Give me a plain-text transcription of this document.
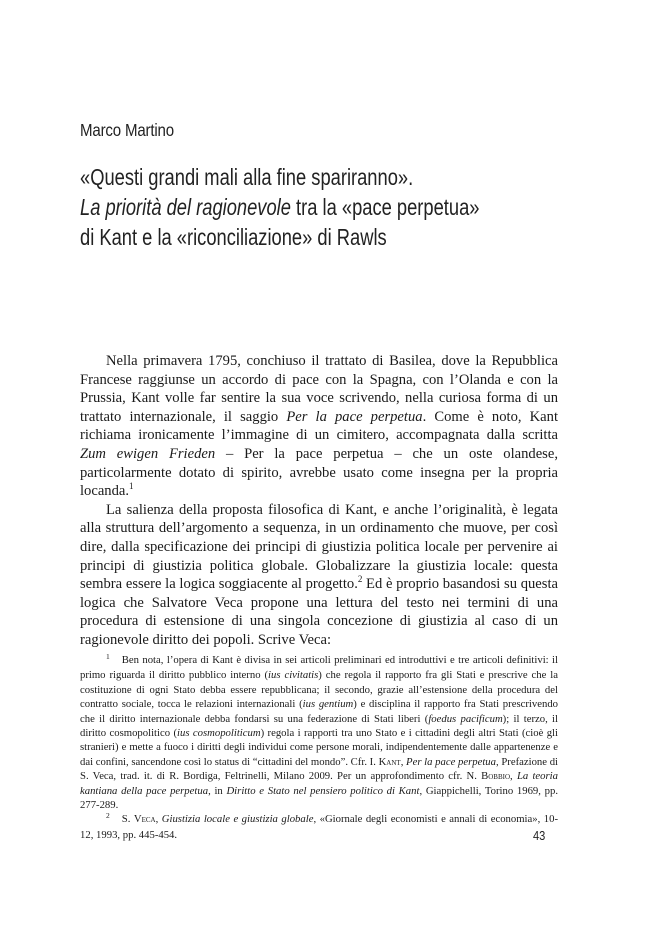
Marco Martino
«Questi grandi mali alla fine spariranno».
La priorità del ragionevole tra la «pace perpetua»
di Kant e la «riconciliazione» di Rawls

Nella primavera 1795, conchiuso il trattato di Basilea, dove la Repubblica Francese raggiunse un accordo di pace con la Spagna, con l’Olanda e con la Prussia, Kant volle far sentire la sua voce scrivendo, nella curiosa forma di un trattato internazionale, il saggio Per la pace perpetua. Come è noto, Kant richiama ironicamente l’immagine di un cimitero, accompagnata dalla scritta Zum ewigen Frieden – Per la pace perpetua – che un oste olandese, particolarmente dotato di spirito, avrebbe usato come insegna per la propria locanda.$^1$

La salienza della proposta filosofica di Kant, e anche l’originalità, è legata alla struttura dell’argomento a sequenza, in un ordinamento che muove, per così dire, dalla specificazione dei principi di giustizia politica locale per pervenire ai principi di giustizia politica globale. Globalizzare la giustizia locale: questa sembra essere la logica soggiacente al progetto.$^2$ Ed è proprio basandosi su questa logica che Salvatore Veca propone una lettura del testo nei termini di una procedura di estensione di una singola concezione di giustizia al caso di un ragionevole diritto dei popoli. Scrive Veca:

$^1$ Ben nota, l’opera di Kant è divisa in sei articoli preliminari ed introduttivi e tre articoli definitivi: il primo riguarda il diritto pubblico interno (ius civitatis) che regola il rapporto fra gli Stati e prescrive che la costituzione di ogni Stato debba essere repubblicana; il secondo, grazie all’estensione della procedura del contratto sociale, tocca le relazioni internazionali (ius gentium) e disciplina il rapporto fra Stati prescrivendo che il diritto internazionale debba fondarsi su una federazione di Stati liberi (foedus pacificum); il terzo, il diritto cosmopolitico (ius cosmopoliticum) regola i rapporti tra uno Stato e i cittadini degli altri Stati (cioè gli stranieri) e mette a fuoco i diritti degli individui come persone morali, indipendentemente dalle appartenenze e dai confini, sancendone così lo status di “cittadini del mondo”. Cfr. I. Kant, Per la pace perpetua, Prefazione di S. Veca, trad. it. di R. Bordiga, Feltrinelli, Milano 2009. Per un approfondimento cfr. N. Bobbio, La teoria kantiana della pace perpetua, in Diritto e Stato nel pensiero politico di Kant, Giappichelli, Torino 1969, pp. 277-289.

$^2$ S. Veca, Giustizia locale e giustizia globale, «Giornale degli economisti e annali di economia», 10-12, 1993, pp. 445-454.	43
